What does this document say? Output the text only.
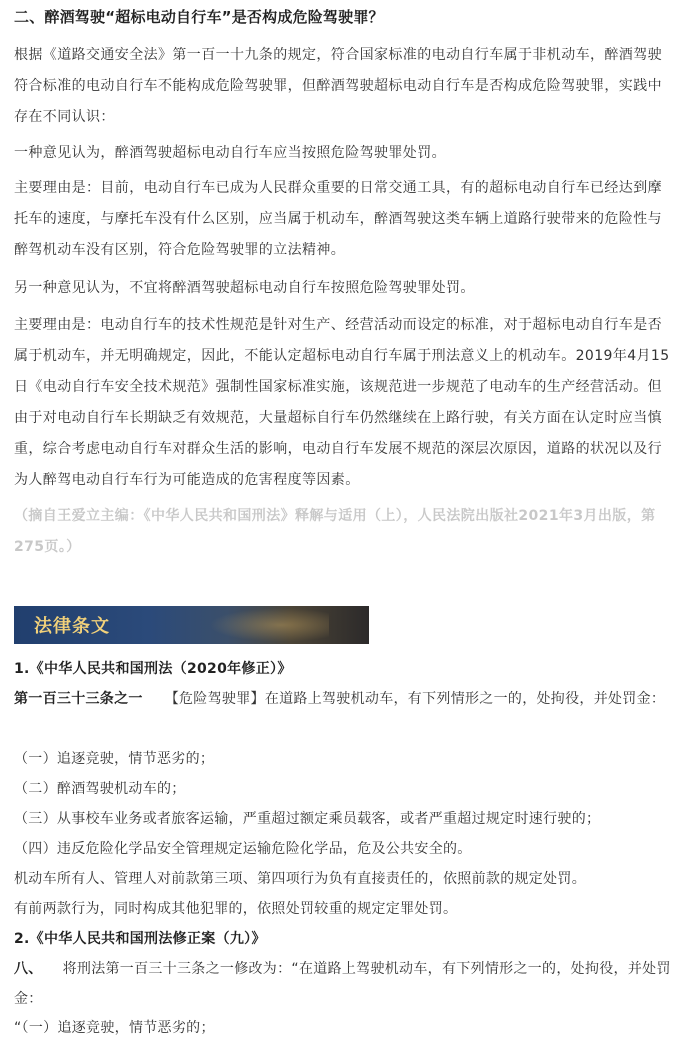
二、醉酒驾驶“超标电动自行车”是否构成危险驾驶罪？

根据《道路交通安全法》第一百一十九条的规定，符合国家标准的电动自行车属于非机动车，醉酒驾驶符合标准的电动自行车不能构成危险驾驶罪，但醉酒驾驶超标电动自行车是否构成危险驾驶罪，实践中存在不同认识：

一种意见认为，醉酒驾驶超标电动自行车应当按照危险驾驶罪处罚。

主要理由是：目前，电动自行车已成为人民群众重要的日常交通工具，有的超标电动自行车已经达到摩托车的速度，与摩托车没有什么区别，应当属于机动车，醉酒驾驶这类车辆上道路行驶带来的危险性与醉驾机动车没有区别，符合危险驾驶罪的立法精神。

另一种意见认为，不宜将醉酒驾驶超标电动自行车按照危险驾驶罪处罚。

主要理由是：电动自行车的技术性规范是针对生产、经营活动而设定的标准，对于超标电动自行车是否属于机动车，并无明确规定，因此，不能认定超标电动自行车属于刑法意义上的机动车。2019年4月15日《电动自行车安全技术规范》强制性国家标准实施，该规范进一步规范了电动车的生产经营活动。但由于对电动自行车长期缺乏有效规范，大量超标自行车仍然继续在上路行驶，有关方面在认定时应当慎重，综合考虑电动自行车对群众生活的影响，电动自行车发展不规范的深层次原因，道路的状况以及行为人醉驾电动自行车行为可能造成的危害程度等因素。

（摘自王爱立主编：《中华人民共和国刑法》释解与适用（上），人民法院出版社2021年3月出版，第275页。）

法律条文

1.《中华人民共和国刑法（2020年修正）》

第一百三十三条之一 【危险驾驶罪】在道路上驾驶机动车，有下列情形之一的，处拘役，并处罚金：

（一）追逐竞驶，情节恶劣的；

（二）醉酒驾驶机动车的；

（三）从事校车业务或者旅客运输，严重超过额定乘员载客，或者严重超过规定时速行驶的；

（四）违反危险化学品安全管理规定运输危险化学品，危及公共安全的。

机动车所有人、管理人对前款第三项、第四项行为负有直接责任的，依照前款的规定处罚。

有前两款行为，同时构成其他犯罪的，依照处罚较重的规定定罪处罚。

2.《中华人民共和国刑法修正案（九）》

八、 将刑法第一百三十三条之一修改为：“在道路上驾驶机动车，有下列情形之一的，处拘役，并处罚金：

“（一）追逐竞驶，情节恶劣的；
